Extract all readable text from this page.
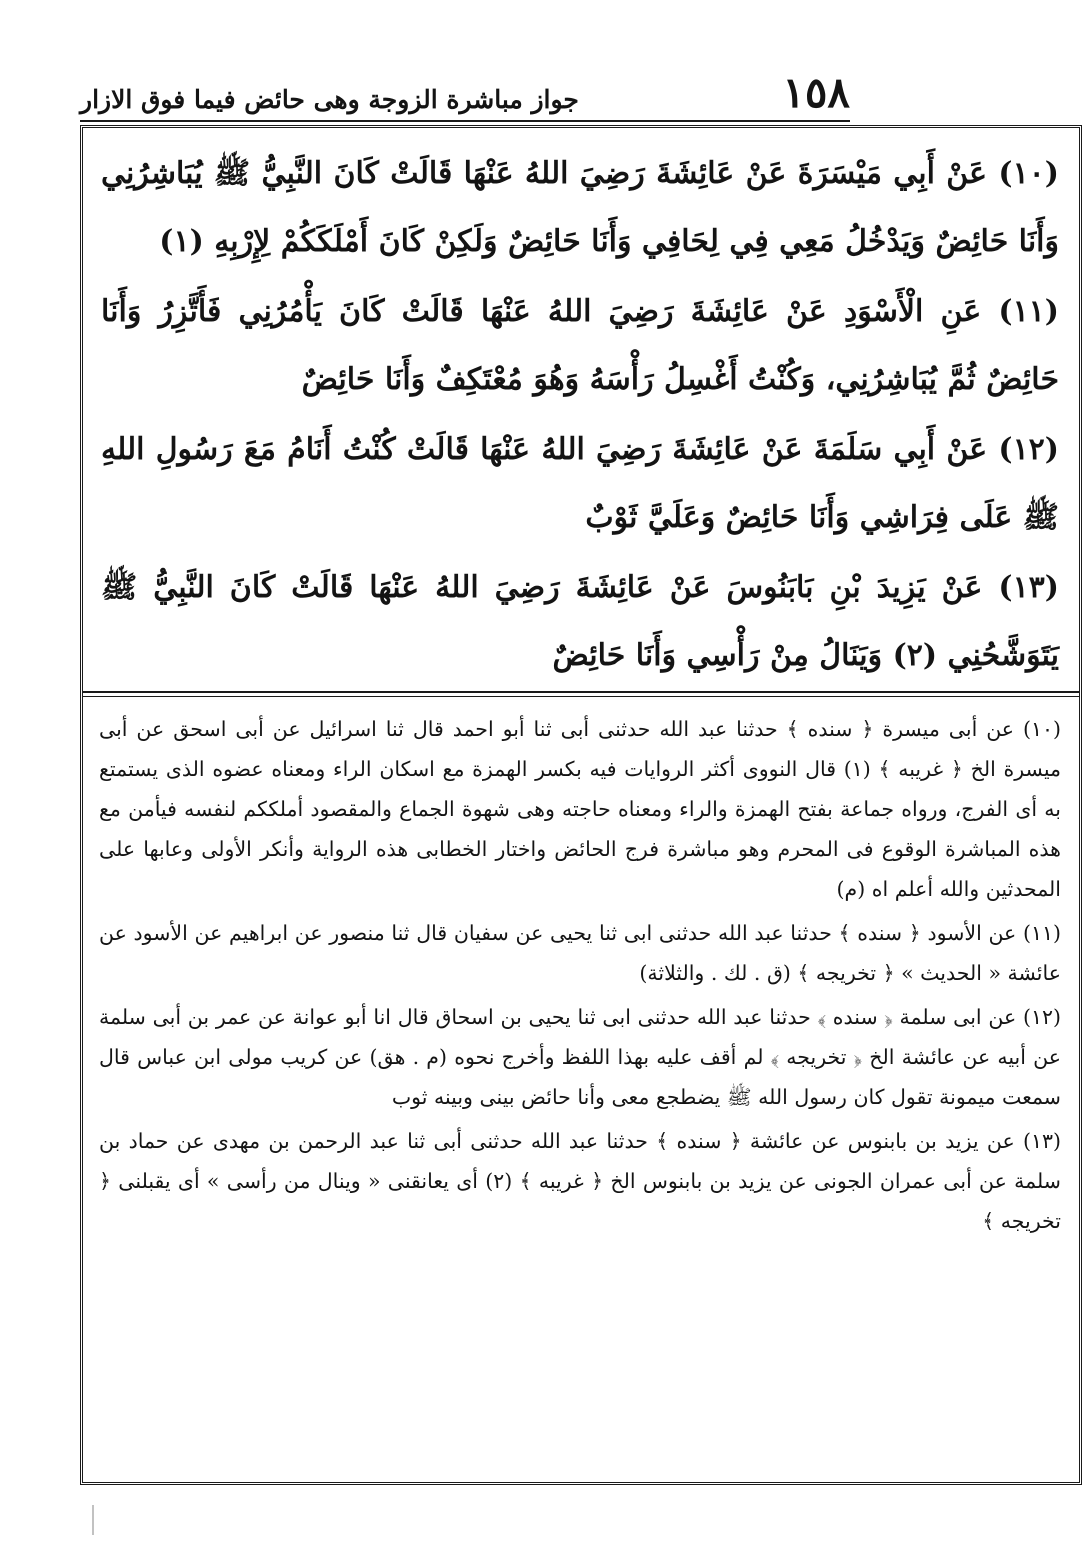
١٥٨
جواز مباشرة الزوجة وهى حائض فيما فوق الازار

(١٠) عَنْ أَبِي مَيْسَرَةَ عَنْ عَائِشَةَ رَضِيَ اللهُ عَنْهَا قَالَتْ كَانَ النَّبِيُّ ﷺ يُبَاشِرُنِي وَأَنَا حَائِضٌ وَيَدْخُلُ مَعِي فِي لِحَافِي وَأَنَا حَائِضٌ وَلَكِنْ كَانَ أَمْلَكَكُمْ لِإِرْبِهِ (١)

(١١) عَنِ الْأَسْوَدِ عَنْ عَائِشَةَ رَضِيَ اللهُ عَنْهَا قَالَتْ كَانَ يَأْمُرُنِي فَأَتَّزِرُ وَأَنَا حَائِضٌ ثُمَّ يُبَاشِرُنِي، وَكُنْتُ أَغْسِلُ رَأْسَهُ وَهُوَ مُعْتَكِفٌ وَأَنَا حَائِضٌ

(١٢) عَنْ أَبِي سَلَمَةَ عَنْ عَائِشَةَ رَضِيَ اللهُ عَنْهَا قَالَتْ كُنْتُ أَنَامُ مَعَ رَسُولِ اللهِ ﷺ عَلَى فِرَاشِي وَأَنَا حَائِضٌ وَعَلَيَّ ثَوْبٌ

(١٣) عَنْ يَزِيدَ بْنِ بَابَنُوسَ عَنْ عَائِشَةَ رَضِيَ اللهُ عَنْهَا قَالَتْ كَانَ النَّبِيُّ ﷺ يَتَوَشَّحُنِي (٢) وَيَنَالُ مِنْ رَأْسِي وَأَنَا حَائِضٌ

(١٠) عن أبى ميسرة ﴿ سنده ﴾ حدثنا عبد الله حدثنى أبى ثنا أبو احمد قال ثنا اسرائيل عن أبى اسحق عن أبى ميسرة الخ ﴿ غريبه ﴾ (١) قال النووى أكثر الروايات فيه بكسر الهمزة مع اسكان الراء ومعناه عضوه الذى يستمتع به أى الفرج، ورواه جماعة بفتح الهمزة والراء ومعناه حاجته وهى شهوة الجماع والمقصود أملككم لنفسه فيأمن مع هذه المباشرة الوقوع فى المحرم وهو مباشرة فرج الحائض واختار الخطابى هذه الرواية وأنكر الأولى وعابها على المحدثين والله أعلم اه (م)

(١١) عن الأسود ﴿ سنده ﴾ حدثنا عبد الله حدثنى ابى ثنا يحيى عن سفيان قال ثنا منصور عن ابراهيم عن الأسود عن عائشة « الحديث » ﴿ تخريجه ﴾ (ق . لك . والثلاثة)

(١٢) عن ابى سلمة ﴿ سنده ﴾ حدثنا عبد الله حدثنى ابى ثنا يحيى بن اسحاق قال انا أبو عوانة عن عمر بن أبى سلمة عن أبيه عن عائشة الخ ﴿ تخريجه ﴾ لم أقف عليه بهذا اللفظ وأخرج نحوه (م . هق) عن كريب مولى ابن عباس قال سمعت ميمونة تقول كان رسول الله ﷺ يضطجع معى وأنا حائض بينى وبينه ثوب

(١٣) عن يزيد بن بابنوس عن عائشة ﴿ سنده ﴾ حدثنا عبد الله حدثنى أبى ثنا عبد الرحمن بن مهدى عن حماد بن سلمة عن أبى عمران الجونى عن يزيد بن بابنوس الخ ﴿ غريبه ﴾ (٢) أى يعانقنى « وينال من رأسى » أى يقبلنى ﴿ تخريجه ﴾
